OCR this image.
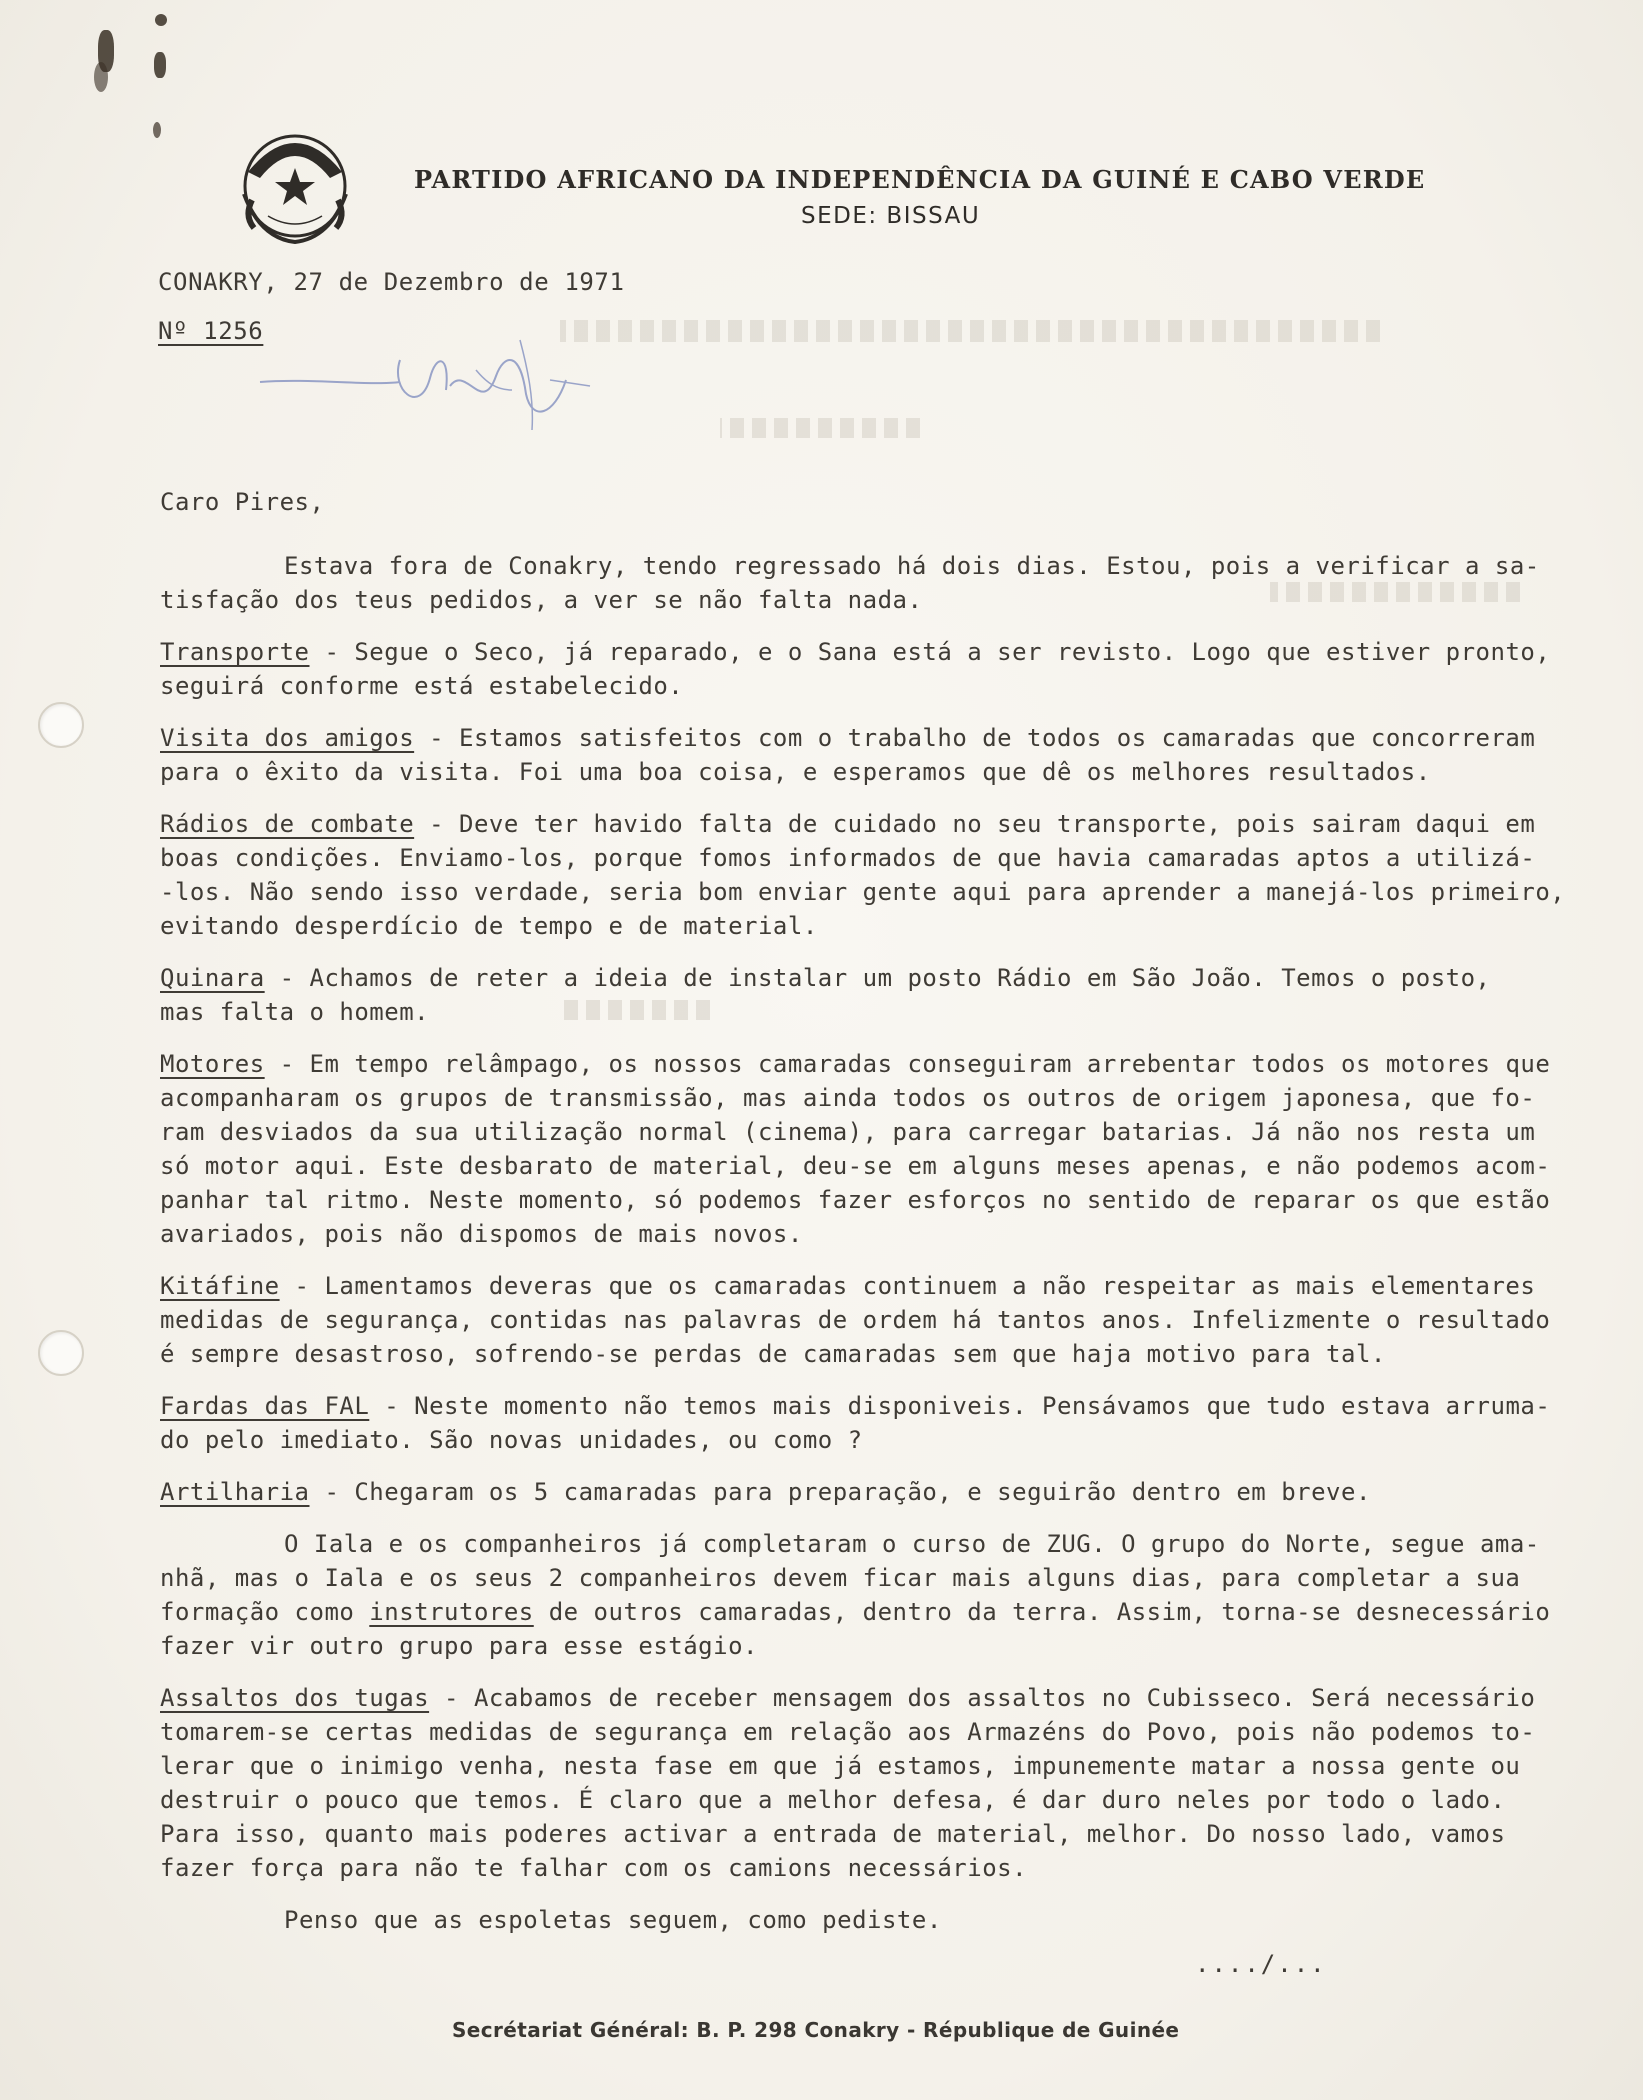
PARTIDO AFRICANO DA INDEPENDÊNCIA DA GUINÉ E CABO VERDE
SEDE: BISSAU
CONAKRY, 27 de Dezembro de 1971
Nº 1256
Caro Pires,
Estava fora de Conakry, tendo regressado há dois dias. Estou, pois a verificar a sa-
tisfação dos teus pedidos, a ver se não falta nada.
Transporte - Segue o Seco, já reparado, e o Sana está a ser revisto. Logo que estiver pronto,
seguirá conforme está estabelecido.
Visita dos amigos - Estamos satisfeitos com o trabalho de todos os camaradas que concorreram
para o êxito da visita. Foi uma boa coisa, e esperamos que dê os melhores resultados.
Rádios de combate - Deve ter havido falta de cuidado no seu transporte, pois sairam daqui em
boas condições. Enviamo-los, porque fomos informados de que havia camaradas aptos a utilizá-
-los. Não sendo isso verdade, seria bom enviar gente aqui para aprender a manejá-los primeiro,
evitando desperdício de tempo e de material.
Quinara - Achamos de reter a ideia de instalar um posto Rádio em São João. Temos o posto,
mas falta o homem.
Motores - Em tempo relâmpago, os nossos camaradas conseguiram arrebentar todos os motores que
acompanharam os grupos de transmissão, mas ainda todos os outros de origem japonesa, que fo-
ram desviados da sua utilização normal (cinema), para carregar batarias. Já não nos resta um
só motor aqui. Este desbarato de material, deu-se em alguns meses apenas, e não podemos acom-
panhar tal ritmo. Neste momento, só podemos fazer esforços no sentido de reparar os que estão
avariados, pois não dispomos de mais novos.
Kitáfine - Lamentamos deveras que os camaradas continuem a não respeitar as mais elementares
medidas de segurança, contidas nas palavras de ordem há tantos anos. Infelizmente o resultado
é sempre desastroso, sofrendo-se perdas de camaradas sem que haja motivo para tal.
Fardas das FAL - Neste momento não temos mais disponiveis. Pensávamos que tudo estava arruma-
do pelo imediato. São novas unidades, ou como ?
Artilharia - Chegaram os 5 camaradas para preparação, e seguirão dentro em breve.
O Iala e os companheiros já completaram o curso de ZUG. O grupo do Norte, segue ama-
nhã, mas o Iala e os seus 2 companheiros devem ficar mais alguns dias, para completar a sua
formação como instrutores de outros camaradas, dentro da terra. Assim, torna-se desnecessário
fazer vir outro grupo para esse estágio.
Assaltos dos tugas - Acabamos de receber mensagem dos assaltos no Cubisseco. Será necessário
tomarem-se certas medidas de segurança em relação aos Armazéns do Povo, pois não podemos to-
lerar que o inimigo venha, nesta fase em que já estamos, impunemente matar a nossa gente ou
destruir o pouco que temos. É claro que a melhor defesa, é dar duro neles por todo o lado.
Para isso, quanto mais poderes activar a entrada de material, melhor. Do nosso lado, vamos
fazer força para não te falhar com os camions necessários.
Penso que as espoletas seguem, como pediste.
..../...
Secrétariat Général: B. P. 298 Conakry - République de Guinée
